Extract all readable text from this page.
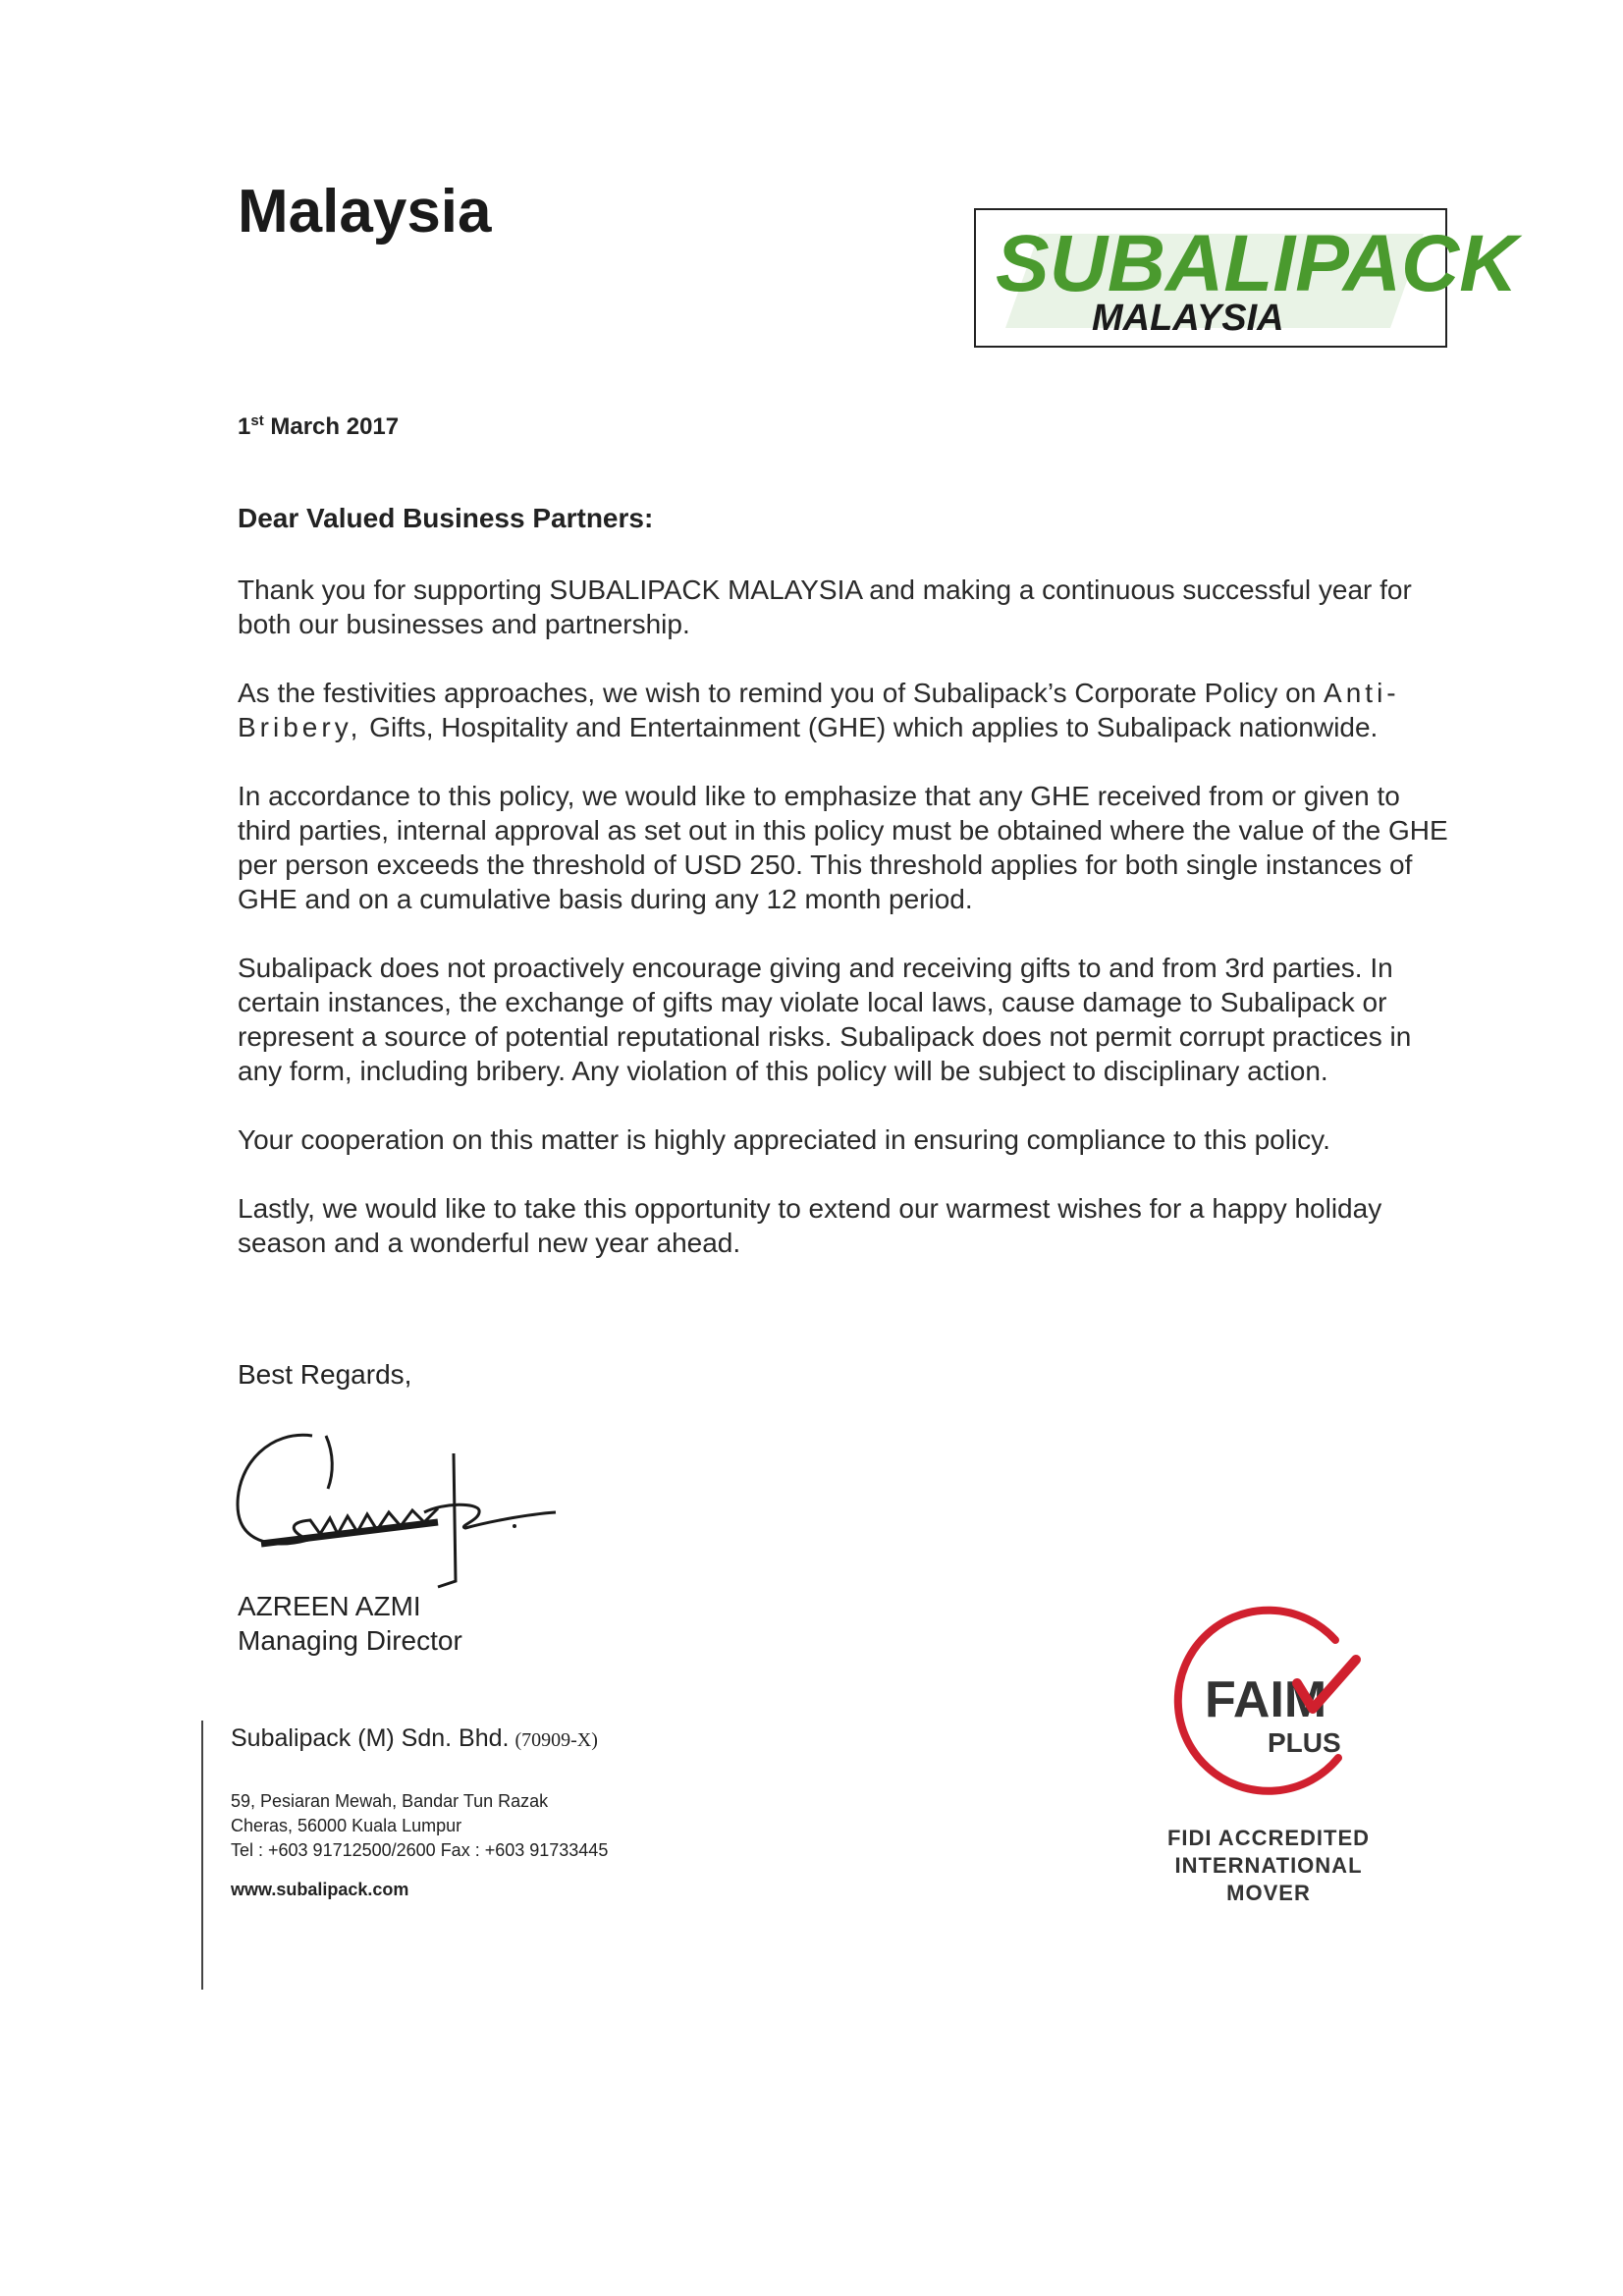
Malaysia
SUBALIPACK
MALAYSIA
1st March 2017
Dear Valued Business Partners:

Thank you for supporting SUBALIPACK MALAYSIA and making a continuous successful year for both our businesses and partnership.

As the festivities approaches, we wish to remind you of Subalipack’s Corporate Policy on Anti-Bribery, Gifts, Hospitality and Entertainment (GHE) which applies to Subalipack nationwide.

In accordance to this policy, we would like to emphasize that any GHE received from or given to third parties, internal approval as set out in this policy must be obtained where the value of the GHE per person exceeds the threshold of USD 250. This threshold applies for both single instances of GHE and on a cumulative basis during any 12 month period.

Subalipack does not proactively encourage giving and receiving gifts to and from 3rd parties. In certain instances, the exchange of gifts may violate local laws, cause damage to Subalipack or represent a source of potential reputational risks. Subalipack does not permit corrupt practices in any form, including bribery. Any violation of this policy will be subject to disciplinary action.

Your cooperation on this matter is highly appreciated in ensuring compliance to this policy.

Lastly, we would like to take this opportunity to extend our warmest wishes for a happy holiday season and a wonderful new year ahead.

Best Regards,
AZREEN AZMI
Managing Director
Subalipack (M) Sdn. Bhd. (70909-X)
59, Pesiaran Mewah, Bandar Tun Razak
Cheras, 56000 Kuala Lumpur
Tel : +603 91712500/2600 Fax : +603 91733445
www.subalipack.com
FAIM
PLUS
FIDI ACCREDITED
INTERNATIONAL
MOVER
